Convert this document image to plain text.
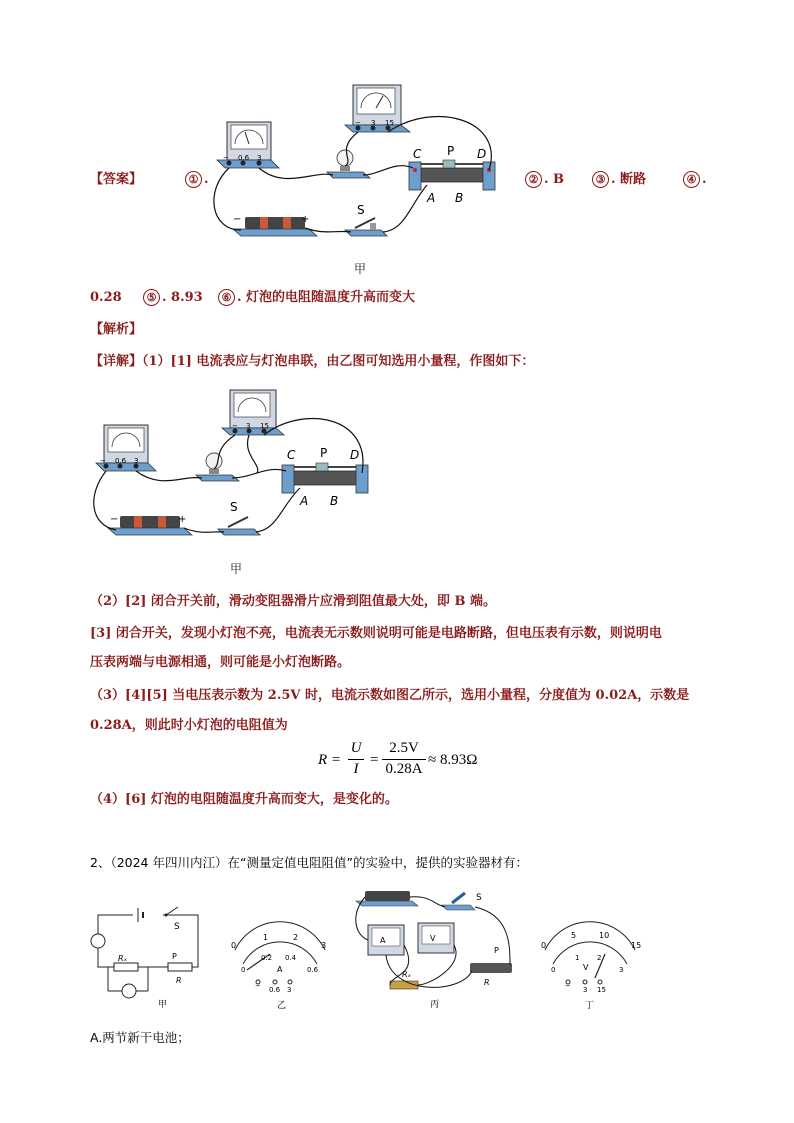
【答案】	① .
− 3 15
− 0.6 3	C P D
A B
−	+
S
② . B	③ . 断路	④ .
甲
0.28	⑤ . 8.93	⑥ . 灯泡的电阻随温度升高而变大
【解析】
【详解】（1）[1] 电流表应与灯泡串联，由乙图可知选用小量程，作图如下：
− 3 15
− 0.6 3	C P D
A B
−	+
S
甲
（2）[2] 闭合开关前，滑动变阻器滑片应滑到阻值最大处，即 B 端。
[3] 闭合开关，发现小灯泡不亮，电流表无示数则说明可能是电路断路，但电压表有示数，则说明电
压表两端与电源相通，则可能是小灯泡断路。
（3）[4][5] 当电压表示数为 2.5V 时，电流示数如图乙所示，选用小量程，分度值为 0.02A，示数是
0.28A，则此时小灯泡的电阻值为
R =
U
I
=
2.5V
0.28A
≈ 8.93Ω
（4）[6] 灯泡的电阻随温度升高而变大，是变化的。
2、（2024 年四川内江）在“测量定值电阻阻值”的实验中，提供的实验器材有：
S
Rₓ	P
R
甲
0
1	2
3
0
0.2 0.4
0.6
A
− 0.6 3
乙
S
A	V
Rₓ
P
R
丙
0
5	10
15
0
1	2
3
V
− 3 15
丁
A.两节新干电池；
